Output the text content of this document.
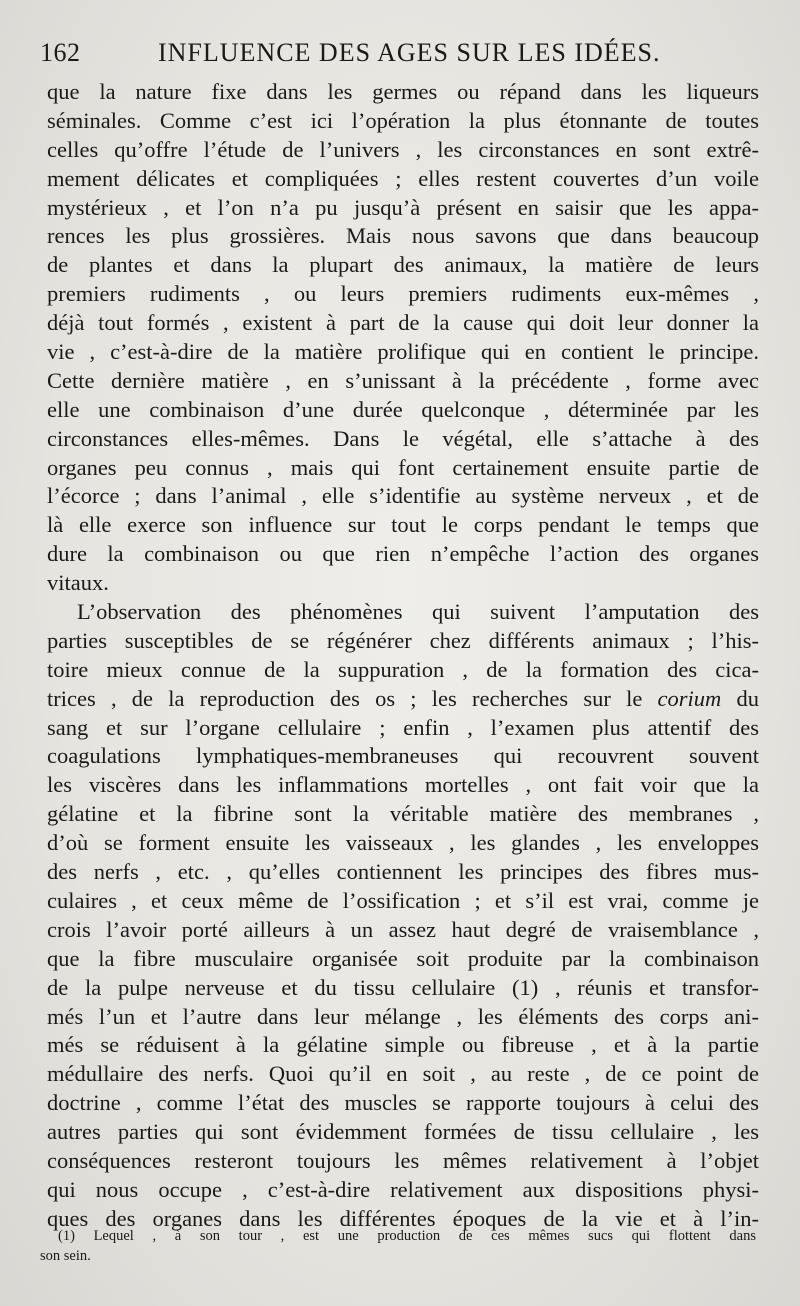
162	INFLUENCE DES AGES SUR LES IDÉES.
que la nature fixe dans les germes ou répand dans les liqueurs
séminales. Comme c’est ici l’opération la plus étonnante de toutes
celles qu’offre l’étude de l’univers , les circonstances en sont extrê-
mement délicates et compliquées ; elles restent couvertes d’un voile
mystérieux , et l’on n’a pu jusqu’à présent en saisir que les appa-
rences les plus grossières. Mais nous savons que dans beaucoup
de plantes et dans la plupart des animaux, la matière de leurs
premiers rudiments , ou leurs premiers rudiments eux-mêmes ,
déjà tout formés , existent à part de la cause qui doit leur donner la
vie , c’est-à-dire de la matière prolifique qui en contient le principe.
Cette dernière matière , en s’unissant à la précédente , forme avec
elle une combinaison d’une durée quelconque , déterminée par les
circonstances elles-mêmes. Dans le végétal, elle s’attache à des
organes peu connus , mais qui font certainement ensuite partie de
l’écorce ; dans l’animal , elle s’identifie au système nerveux , et de
là elle exerce son influence sur tout le corps pendant le temps que
dure la combinaison ou que rien n’empêche l’action des organes
vitaux.
L’observation des phénomènes qui suivent l’amputation des
parties susceptibles de se régénérer chez différents animaux ; l’his-
toire mieux connue de la suppuration , de la formation des cica-
trices , de la reproduction des os ; les recherches sur le corium du
sang et sur l’organe cellulaire ; enfin , l’examen plus attentif des
coagulations lymphatiques-membraneuses qui recouvrent souvent
les viscères dans les inflammations mortelles , ont fait voir que la
gélatine et la fibrine sont la véritable matière des membranes ,
d’où se forment ensuite les vaisseaux , les glandes , les enveloppes
des nerfs , etc. , qu’elles contiennent les principes des fibres mus-
culaires , et ceux même de l’ossification ; et s’il est vrai, comme je
crois l’avoir porté ailleurs à un assez haut degré de vraisemblance ,
que la fibre musculaire organisée soit produite par la combinaison
de la pulpe nerveuse et du tissu cellulaire (1) , réunis et transfor-
més l’un et l’autre dans leur mélange , les éléments des corps ani-
més se réduisent à la gélatine simple ou fibreuse , et à la partie
médullaire des nerfs. Quoi qu’il en soit , au reste , de ce point de
doctrine , comme l’état des muscles se rapporte toujours à celui des
autres parties qui sont évidemment formées de tissu cellulaire , les
conséquences resteront toujours les mêmes relativement à l’objet
qui nous occupe , c’est-à-dire relativement aux dispositions physi-
ques des organes dans les différentes époques de la vie et à l’in-
(1) Lequel , à son tour , est une production de ces mêmes sucs qui flottent dans
son sein.
